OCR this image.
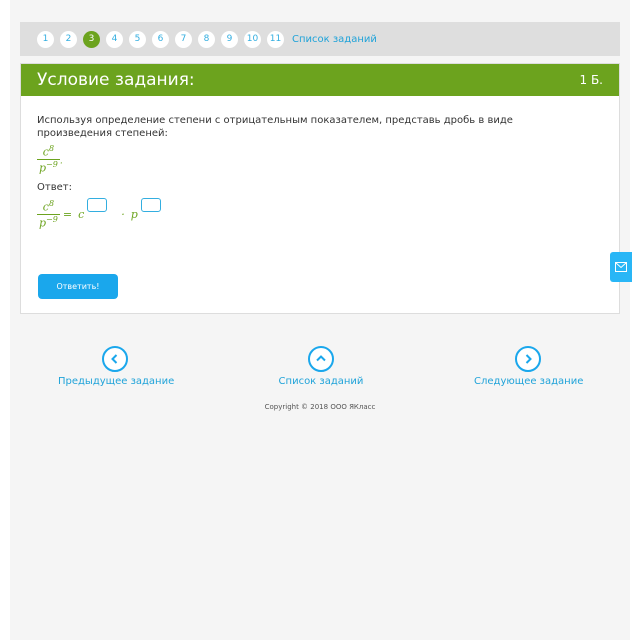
1	2	3	4	5	6	7	8	9	10	11 Список заданий
Условие задания:	1 Б.
Используя определение степени с отрицательным показателем, представь дробь в виде произведения степеней:
$\frac{c^8}{p^{-9}}$ .
Ответ:
$\frac{c^8}{p^{-9}} = c$	· p
Ответить!
Предыдущее задание	Список заданий	Следующее задание
Copyright © 2018 ООО ЯКласс
